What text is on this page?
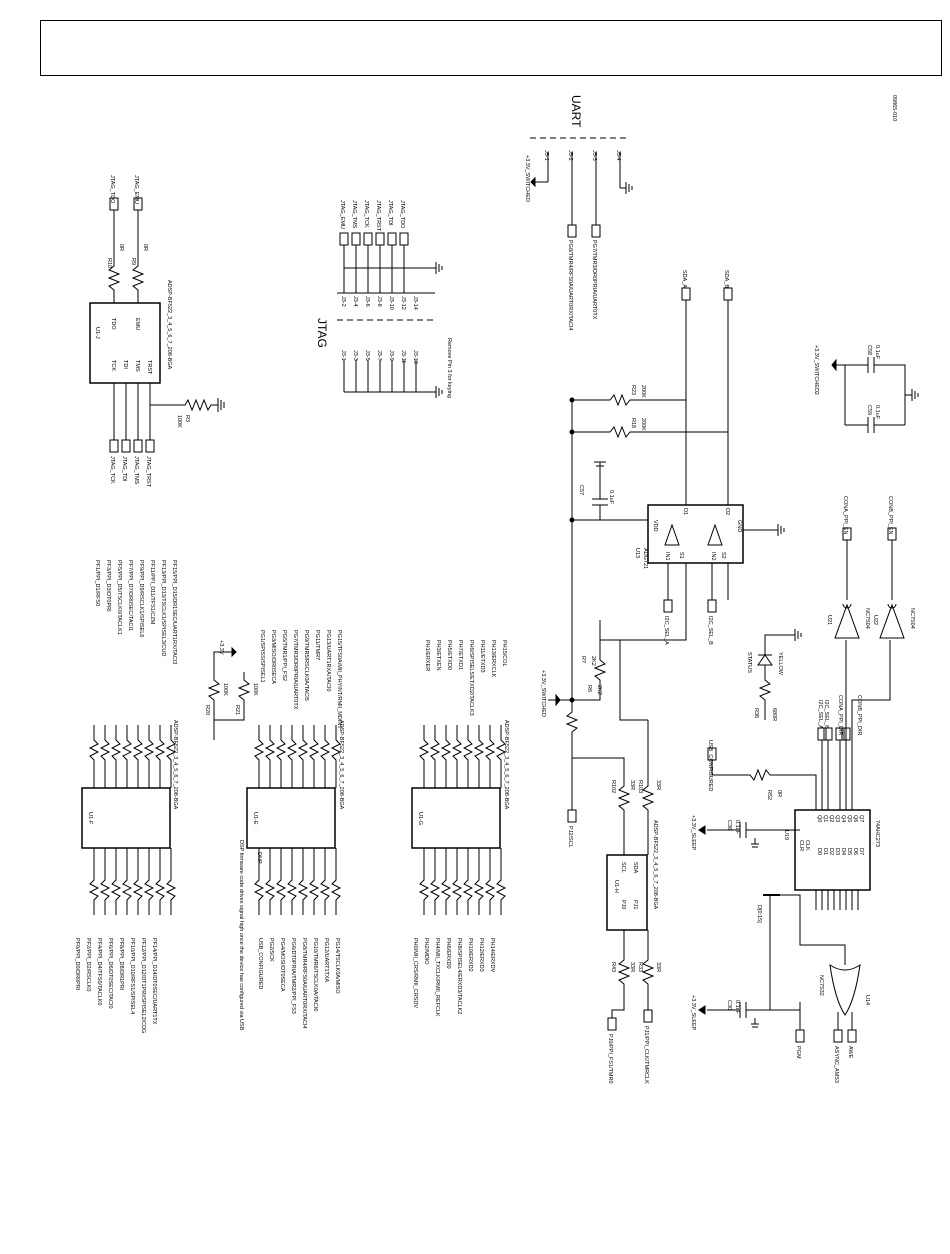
09865-010
UART
J5-1	J5-2	J5-3	J5-4
+3.3V_SWITCHED
PG8/TMR4/RFS0A/UART0RX/TACI4	PG7/TMR3/DR0PRIA/UART0TX
JTAG
J3-2 J3-4 J3-6 J3-8 J3-10 J3-12 J3-14
J3-1 J3-3 J3-5 J3-7 J3-9 J3-11 J3-13
JTAG_EMU JTAG_TMS JTAG_TCK JTAG_TRST JTAG_TDI JTAG_TDO
Remove Pin 3 for keying
U1-J	ADSP-BF522_3_4_5_6_7_208-BGA
TCK TDI TMS TRST
TDO	EMU
JTAG_TCK JTAG_TDI JTAG_TMS JTAG_TRST
R3
100K
R10
0R
R9
0R
JTAG_TDO	JTAG_EMU
U1-F
ADSP-BF522_3_4_5_6_7_208-BGA
PF0/PPI_D0/DR0PRI PF2/PPI_D2/RSCLK0 PF4/PPI_D4/TFS0/TACLK0 PF6/PPI_D6/DT0SEC/TACI0 PF8/PPI_D8/DR1PRI PF10/PPI_D10/RFS1/SPISEL4 PF12/PPI_D12/DT1PRI/SPISEL2/CDG PF14/PPI_D14/DT0SEC/UART1TX
PF1/PPI_D1/RFS0 PF3/PPI_D3/DT0PRI PF5/PPI_D5/TSCLK0/TACLK1 PF7/PPI_D7/DR0SEC/TACI1 PF9/PPI_D9/RSCLK1/SPISEL6 PF11/PPI_D11/TFS1/CZM PF13/PPI_D13/TSCLK1/SPISEL3/CUD PF15/PPI_D15/DR1SEC/UART1RX/TACI3
U1-E
ADSP-BF522_3_4_5_6_7_208-BGA
DSP firmware code drives signal high once the device has configured via USB DNP
+3.3V
R20
100K
R21
100K
USB_CONFIGURED PG2/SCK PG4/MOSI/DT0SECA PG6/DT0PRIA/TMR2/PPI_FS3 PG8/TMR4/RFS0A/UART0RX/TACI4 PG10/TMR6/TSCLK0A/TACI6 PG12/UART1TXA PG14/TSCLK0A/MISO
PG1/SPISS/SPISEL1 PG3/MISO/DR0SECA PG5/TMR1/PPI_FS2 PG7/TMR3/DR0PRIA/UART0TX PG9/TMR5/RSCLK0A/TACI5 PG11/TMR7 PG13/UART1RXA/TACI0 PG15/TFS0A/MII_PHYINT/RMII_MDINT
U1-G
ADSP-BF522_3_4_5_6_7_208-BGA
PH0/MII_CRS/RMII_CRSDV PH2/MDIO PH4/MII_TXCLK/RMII_REFCLK PH6/ERXD0 PH8/SPISEL4/ERXD3/TACLK2 PH10/ERXD2 PH12/ERXD3 PH14/ERXDV
PH1/ERXER PH3/ETXEN PH5/ETXD0 PH7/ETXD1 PH9/SPISEL5/ETXD2/TACLK3 PH11/ETXD3 PH13/ERXCLK PH15/COL
U1-H	ADSP-BF522_3_4_5_6_7_208-BGA
PJ0 PJ1
SCL SDA
R43 33R R33 33R
PJ0/PPI_FS1/TMR0	PJ1/PPI_CLK/TMRCLK
R102 33R R103 33R
PJ2/SCL
+3.3V_SWITCHED	R6 2K2
R7 2K2
U13 ADG721	IN1	IN2
S1	S2
D1	D2
VDD	GND
I2C_SEL_A	I2C_SEL_B
SDA_A	SDA_B
R23 200K
R18 200K
C57	0.1uF
R36 680R
STATUS	YELLOW
U19	74AHC273
CLK
CLR
D0 D1 D2 D3 D4 D5 D6 D7
Q0 Q1 Q2 Q3 Q4 Q5 Q6 Q7
D[0:15]
+3.3V_SLEEP	C36 0.1uF
USB_CONFIGURED
R52 0R
I2C_SEL_A I2C_SEL_B CONA_PPI_DIR CONB_PPI_DIR
U14
NC7S32
ASYNC_AMS3 AWE
PGM
+3.3V_SLEEP	C30 0.1uF
U21	U22
NC7S04	NC7S04
CONA_PPI_EN	CONB_PPI_EN
+3.3V_SWITCHED2	C58 0.1uF
C59 0.1uF
